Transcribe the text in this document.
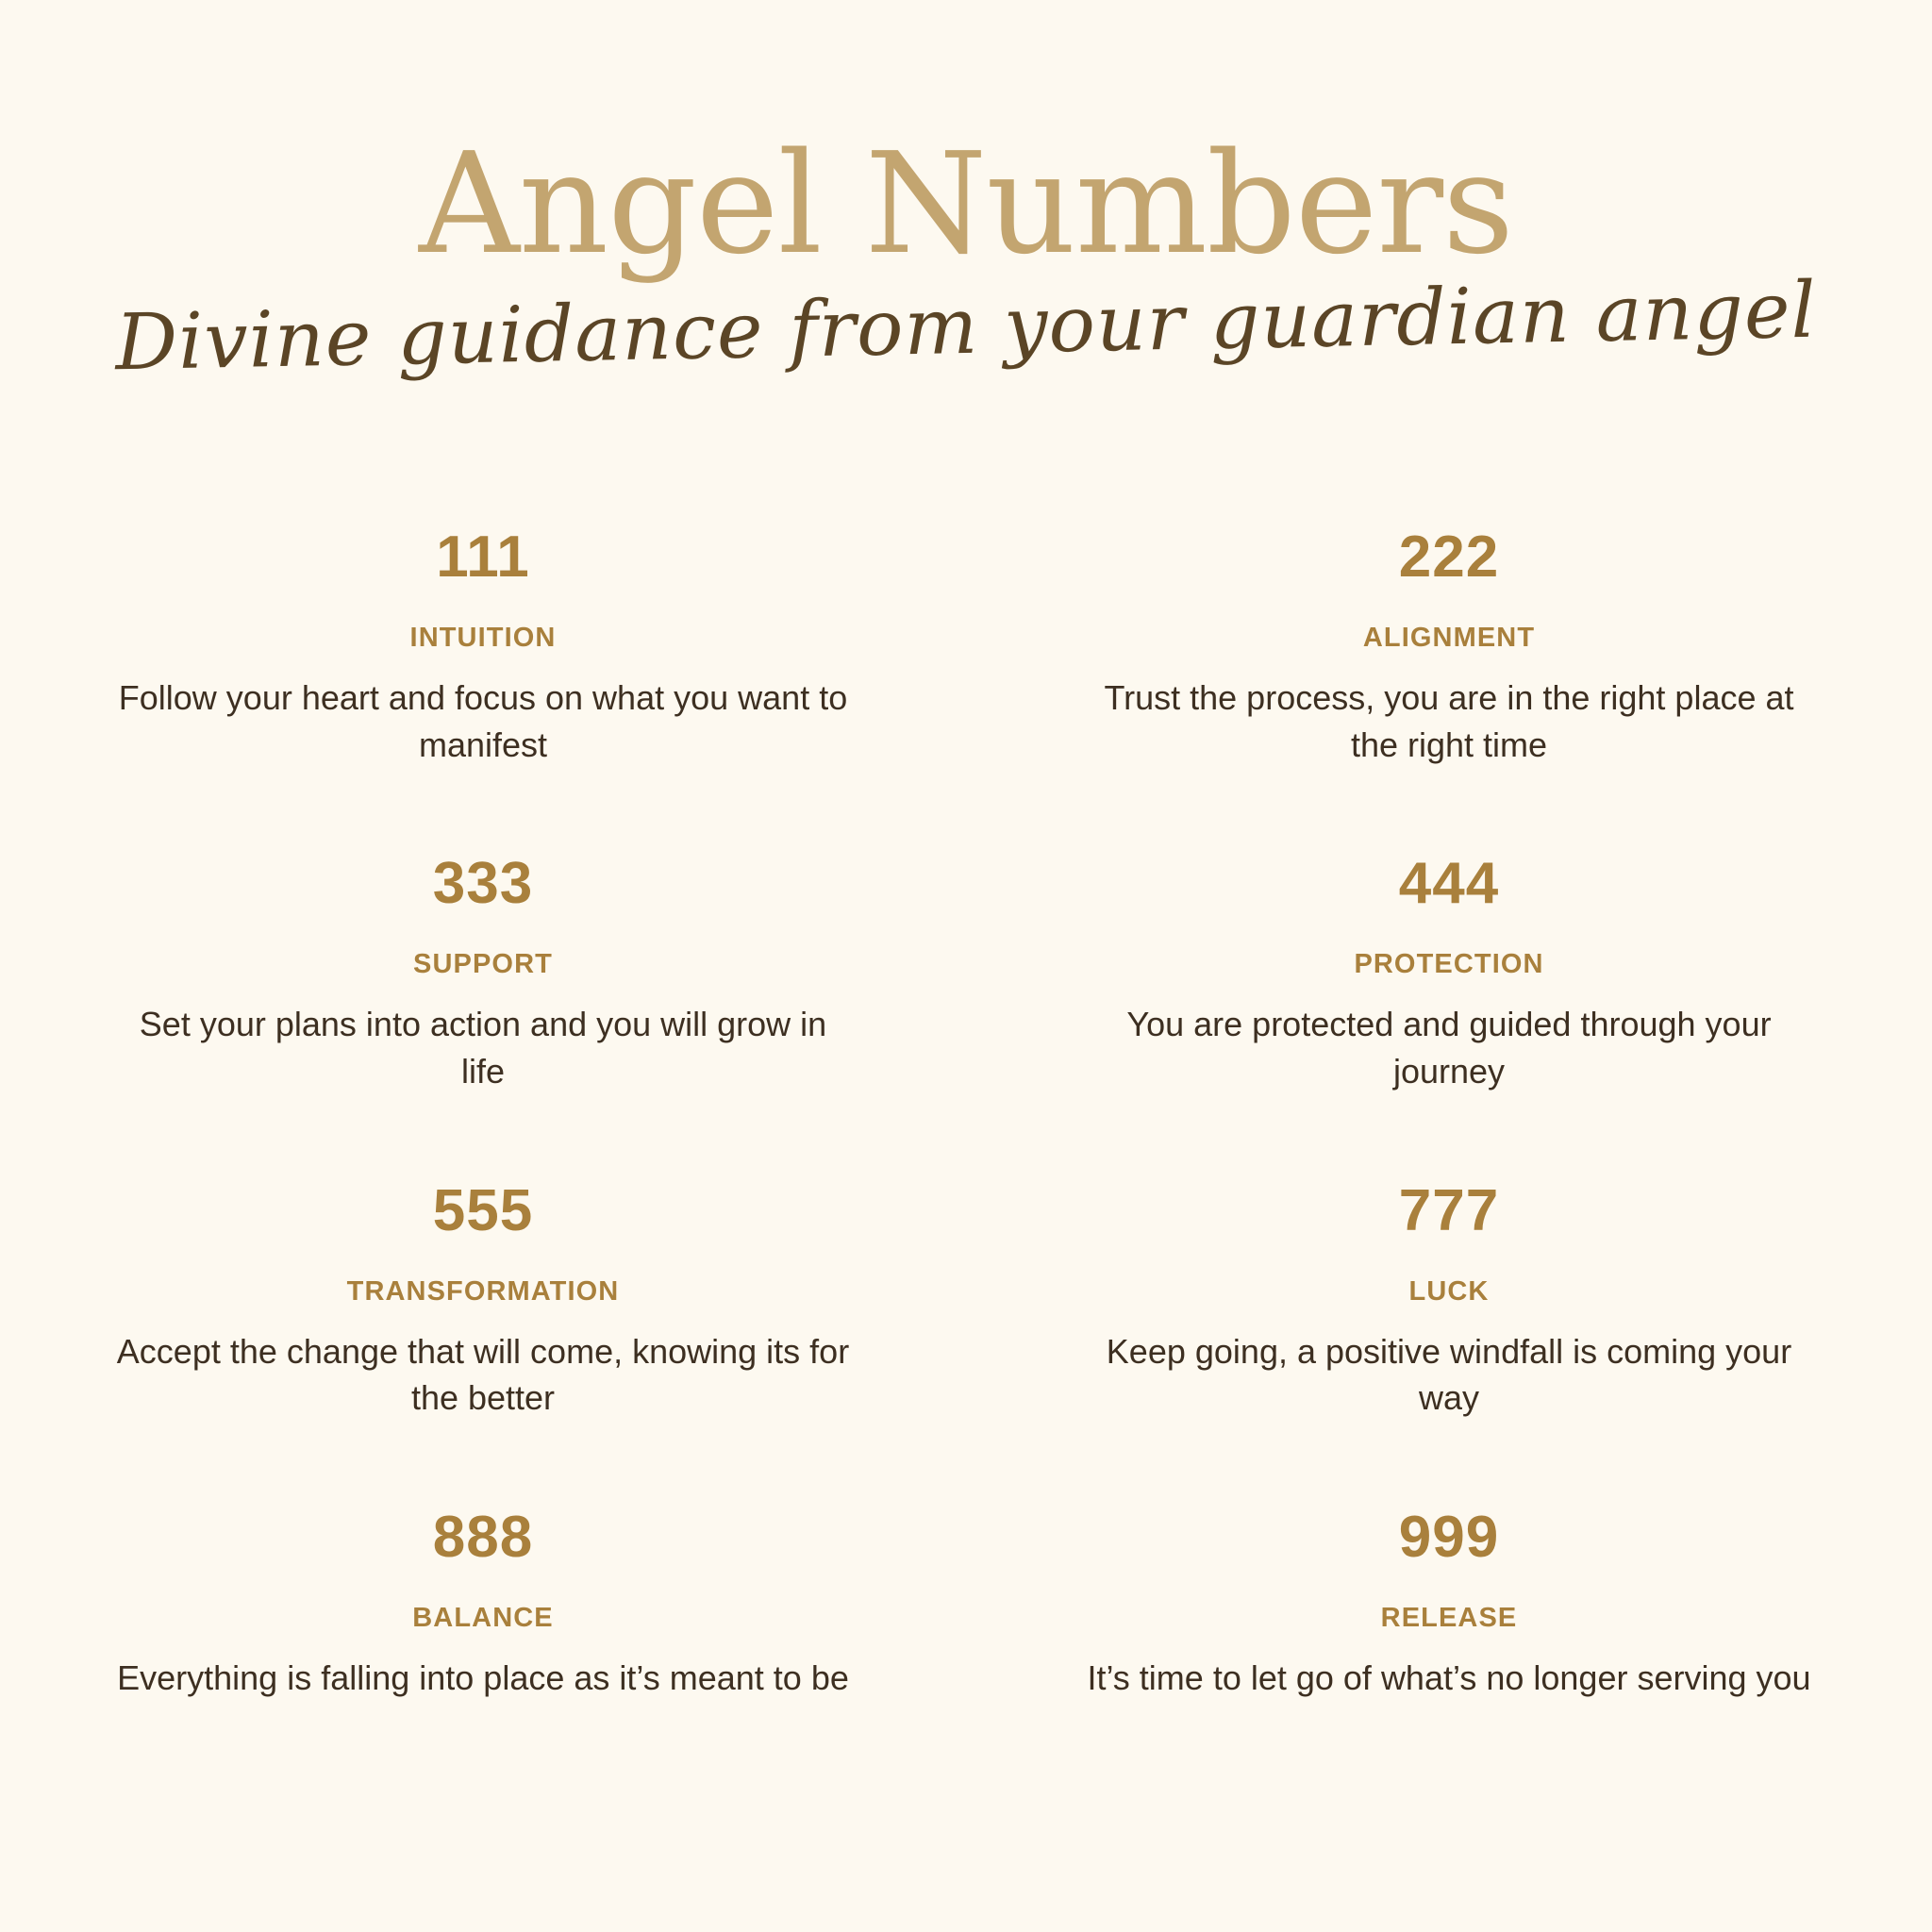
Angel Numbers

Divine guidance from your guardian angel

111
INTUITION
Follow your heart and focus on what you want to manifest
222
ALIGNMENT
Trust the process, you are in the right place at the right time
333
SUPPORT
Set your plans into action and you will grow in life
444
PROTECTION
You are protected and guided through your journey
555
TRANSFORMATION
Accept the change that will come, knowing its for the better
777
LUCK
Keep going, a positive windfall is coming your way
888
BALANCE
Everything is falling into place as it’s meant to be
999
RELEASE
It’s time to let go of what’s no longer serving you
